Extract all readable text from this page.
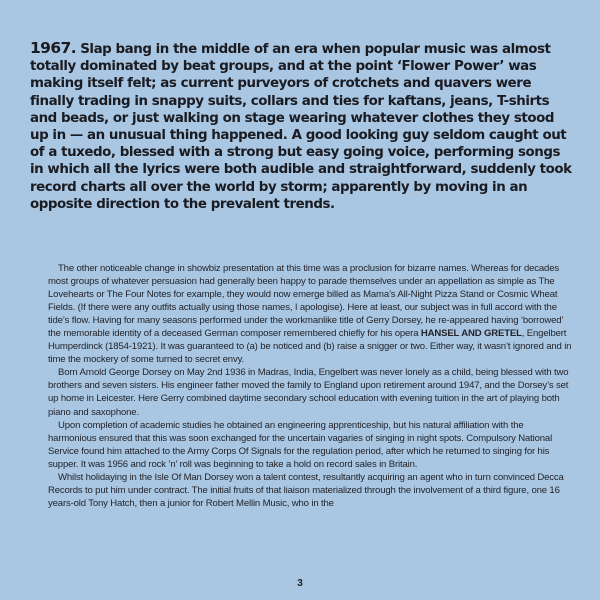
1967. Slap bang in the middle of an era when popular music was almost totally dominated by beat groups, and at the point ‘Flower Power’ was making itself felt; as current purveyors of crotchets and quavers were finally trading in snappy suits, collars and ties for kaftans, jeans, T-shirts and beads, or just walking on stage wearing whatever clothes they stood up in — an unusual thing happened. A good looking guy seldom caught out of a tuxedo, blessed with a strong but easy going voice, performing songs in which all the lyrics were both audible and straightforward, suddenly took record charts all over the world by storm; apparently by moving in an opposite direction to the prevalent trends.

The other noticeable change in showbiz presentation at this time was a proclusion for bizarre names. Whereas for decades most groups of whatever persuasion had generally been happy to parade themselves under an appellation as simple as The Lovehearts or The Four Notes for example, they would now emerge billed as Mama’s All-Night Pizza Stand or Cosmic Wheat Fields. (If there were any outfits actually using those names, I apologise). Here at least, our subject was in full accord with the tide’s flow. Having for many seasons performed under the workmanlike title of Gerry Dorsey, he re-appeared having ‘borrowed’ the memorable identity of a deceased German composer remembered chiefly for his opera HANSEL AND GRETEL, Engelbert Humperdinck (1854-1921). It was guaranteed to (a) be noticed and (b) raise a snigger or two. Either way, it wasn’t ignored and in time the mockery of some turned to secret envy.

Born Arnold George Dorsey on May 2nd 1936 in Madras, India, Engelbert was never lonely as a child, being blessed with two brothers and seven sisters. His engineer father moved the family to England upon retirement around 1947, and the Dorsey’s set up home in Leicester. Here Gerry combined daytime secondary school education with evening tuition in the art of playing both piano and saxophone.

Upon completion of academic studies he obtained an engineering apprenticeship, but his natural affiliation with the harmonious ensured that this was soon exchanged for the uncertain vagaries of singing in night spots. Compulsory National Service found him attached to the Army Corps Of Signals for the regulation period, after which he returned to singing for his supper. It was 1956 and rock ’n’ roll was beginning to take a hold on record sales in Britain.

Whilst holidaying in the Isle Of Man Dorsey won a talent contest, resultantly acquiring an agent who in turn convinced Decca Records to put him under contract. The initial fruits of that liaison materialized through the involvement of a third figure, one 16 years-old Tony Hatch, then a junior for Robert Mellin Music, who in the

3
